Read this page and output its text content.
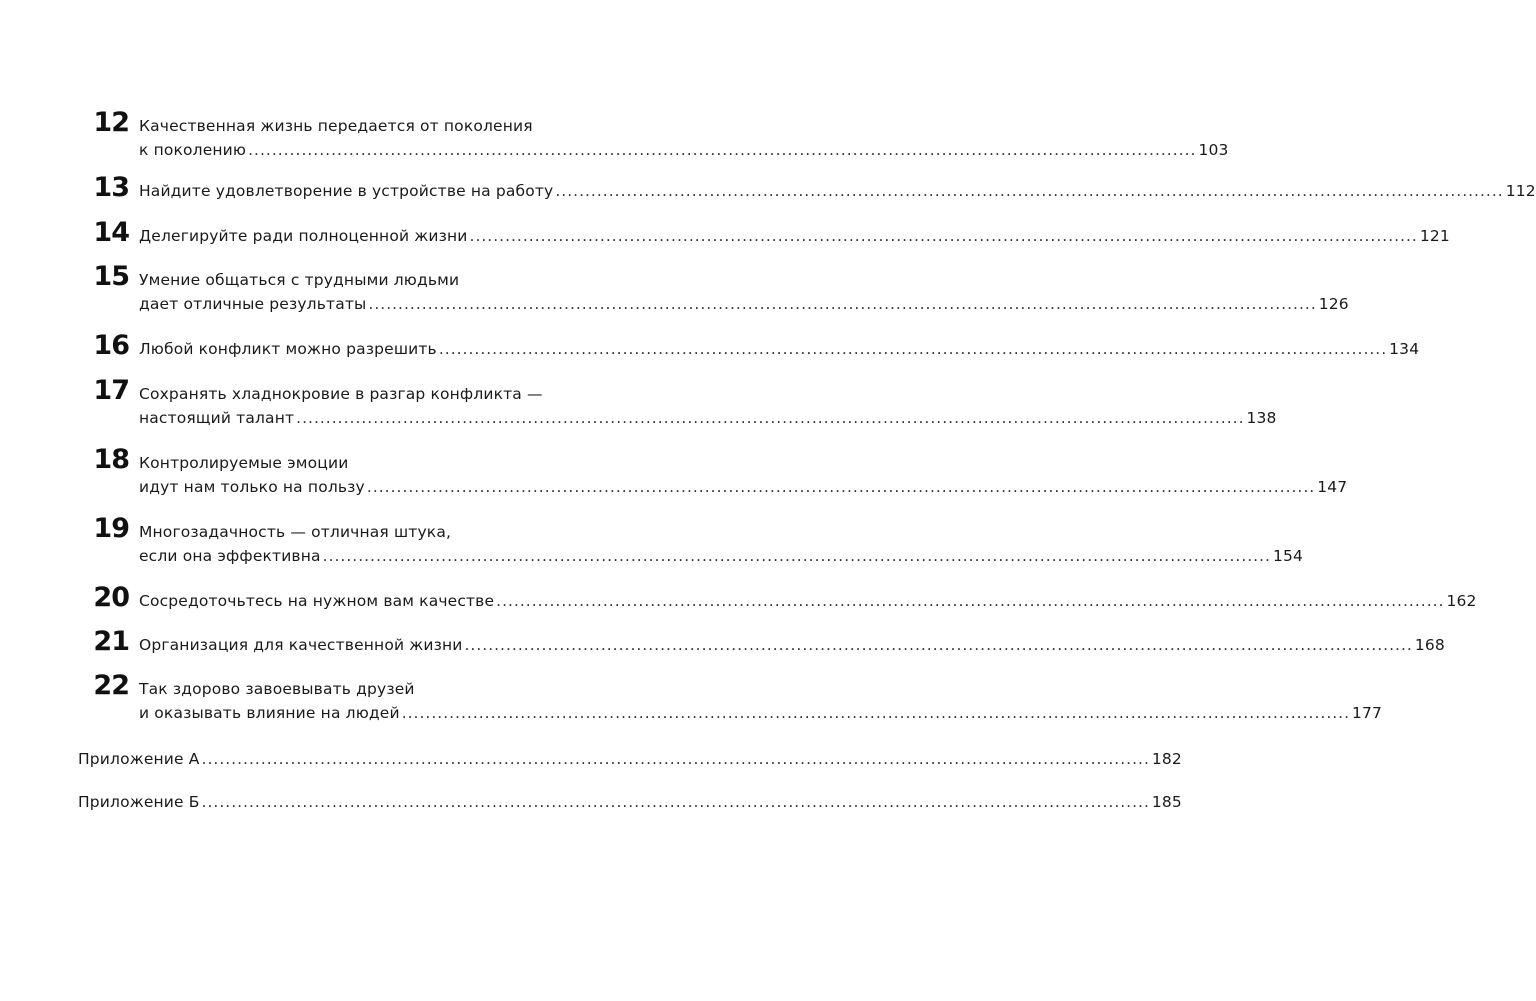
12 Качественная жизнь передается от поколения
к поколению ................................................................................................................................................................ 103
13 Найдите удовлетворение в устройстве на работу ................................................................................................................................................................ 112
14 Делегируйте ради полноценной жизни ................................................................................................................................................................ 121
15 Умение общаться с трудными людьми
дает отличные результаты ................................................................................................................................................................ 126
16 Любой конфликт можно разрешить ................................................................................................................................................................ 134
17 Сохранять хладнокровие в разгар конфликта —
настоящий талант ................................................................................................................................................................ 138
18 Контролируемые эмоции
идут нам только на пользу ................................................................................................................................................................ 147
19 Многозадачность — отличная штука,
если она эффективна ................................................................................................................................................................ 154
20 Сосредоточьтесь на нужном вам качестве ................................................................................................................................................................ 162
21 Организация для качественной жизни ................................................................................................................................................................ 168
22 Так здорово завоевывать друзей
и оказывать влияние на людей ................................................................................................................................................................ 177
Приложение А ................................................................................................................................................................ 182
Приложение Б ................................................................................................................................................................ 185
